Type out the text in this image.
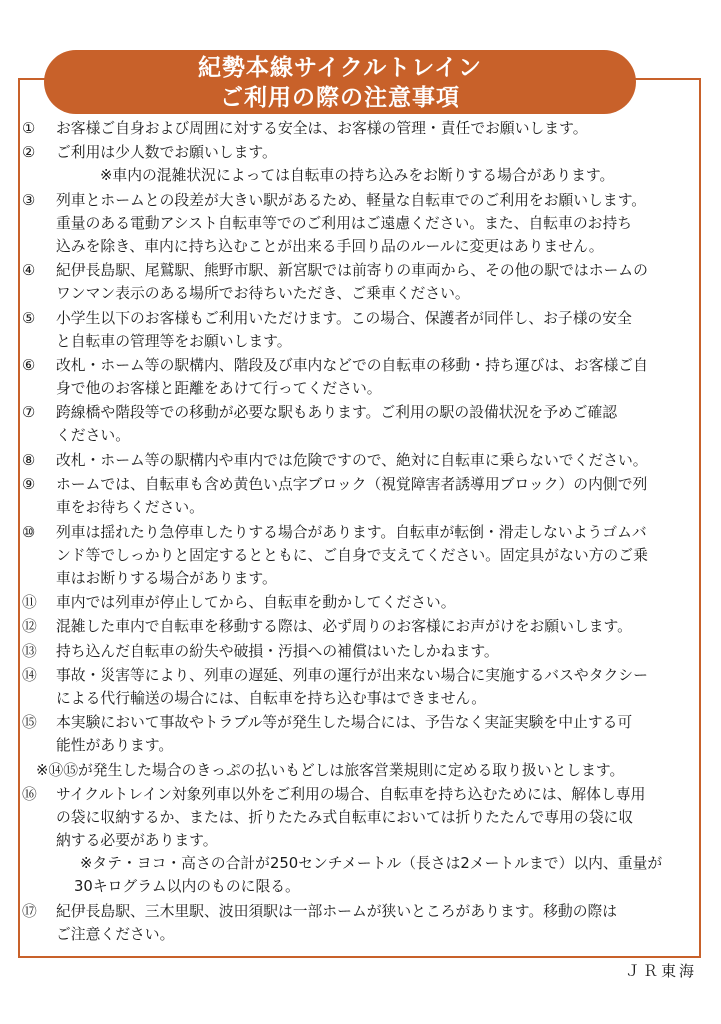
紀勢本線サイクルトレイン
ご利用の際の注意事項
①	お客様ご自身および周囲に対する安全は、お客様の管理・責任でお願いします。
②	ご利用は少人数でお願いします。
※車内の混雑状況によっては自転車の持ち込みをお断りする場合があります。
③	列車とホームとの段差が大きい駅があるため、軽量な自転車でのご利用をお願いします。
重量のある電動アシスト自転車等でのご利用はご遠慮ください。また、自転車のお持ち
込みを除き、車内に持ち込むことが出来る手回り品のルールに変更はありません。
④	紀伊長島駅、尾鷲駅、熊野市駅、新宮駅では前寄りの車両から、その他の駅ではホームの
ワンマン表示のある場所でお待ちいただき、ご乗車ください。
⑤	小学生以下のお客様もご利用いただけます。この場合、保護者が同伴し、お子様の安全
と自転車の管理等をお願いします。
⑥	改札・ホーム等の駅構内、階段及び車内などでの自転車の移動・持ち運びは、お客様ご自
身で他のお客様と距離をあけて行ってください。
⑦	跨線橋や階段等での移動が必要な駅もあります。ご利用の駅の設備状況を予めご確認
ください。
⑧	改札・ホーム等の駅構内や車内では危険ですので、絶対に自転車に乗らないでください。
⑨	ホームでは、自転車も含め黄色い点字ブロック（視覚障害者誘導用ブロック）の内側で列
車をお待ちください。
⑩	列車は揺れたり急停車したりする場合があります。自転車が転倒・滑走しないようゴムバ
ンド等でしっかりと固定するとともに、ご自身で支えてください。固定具がない方のご乗
車はお断りする場合があります。
⑪	車内では列車が停止してから、自転車を動かしてください。
⑫	混雑した車内で自転車を移動する際は、必ず周りのお客様にお声がけをお願いします。
⑬	持ち込んだ自転車の紛失や破損・汚損への補償はいたしかねます。
⑭	事故・災害等により、列車の遅延、列車の運行が出来ない場合に実施するバスやタクシー
による代行輸送の場合には、自転車を持ち込む事はできません。
⑮	本実験において事故やトラブル等が発生した場合には、予告なく実証実験を中止する可
能性があります。
※⑭⑮が発生した場合のきっぷの払いもどしは旅客営業規則に定める取り扱いとします。
⑯	サイクルトレイン対象列車以外をご利用の場合、自転車を持ち込むためには、解体し専用
の袋に収納するか、または、折りたたみ式自転車においては折りたたんで専用の袋に収
納する必要があります。
※タテ・ヨコ・高さの合計が250センチメートル（長さは2メートルまで）以内、重量が
30キログラム以内のものに限る。
⑰	紀伊長島駅、三木里駅、波田須駅は一部ホームが狭いところがあります。移動の際は
ご注意ください。
ＪＲ東海
